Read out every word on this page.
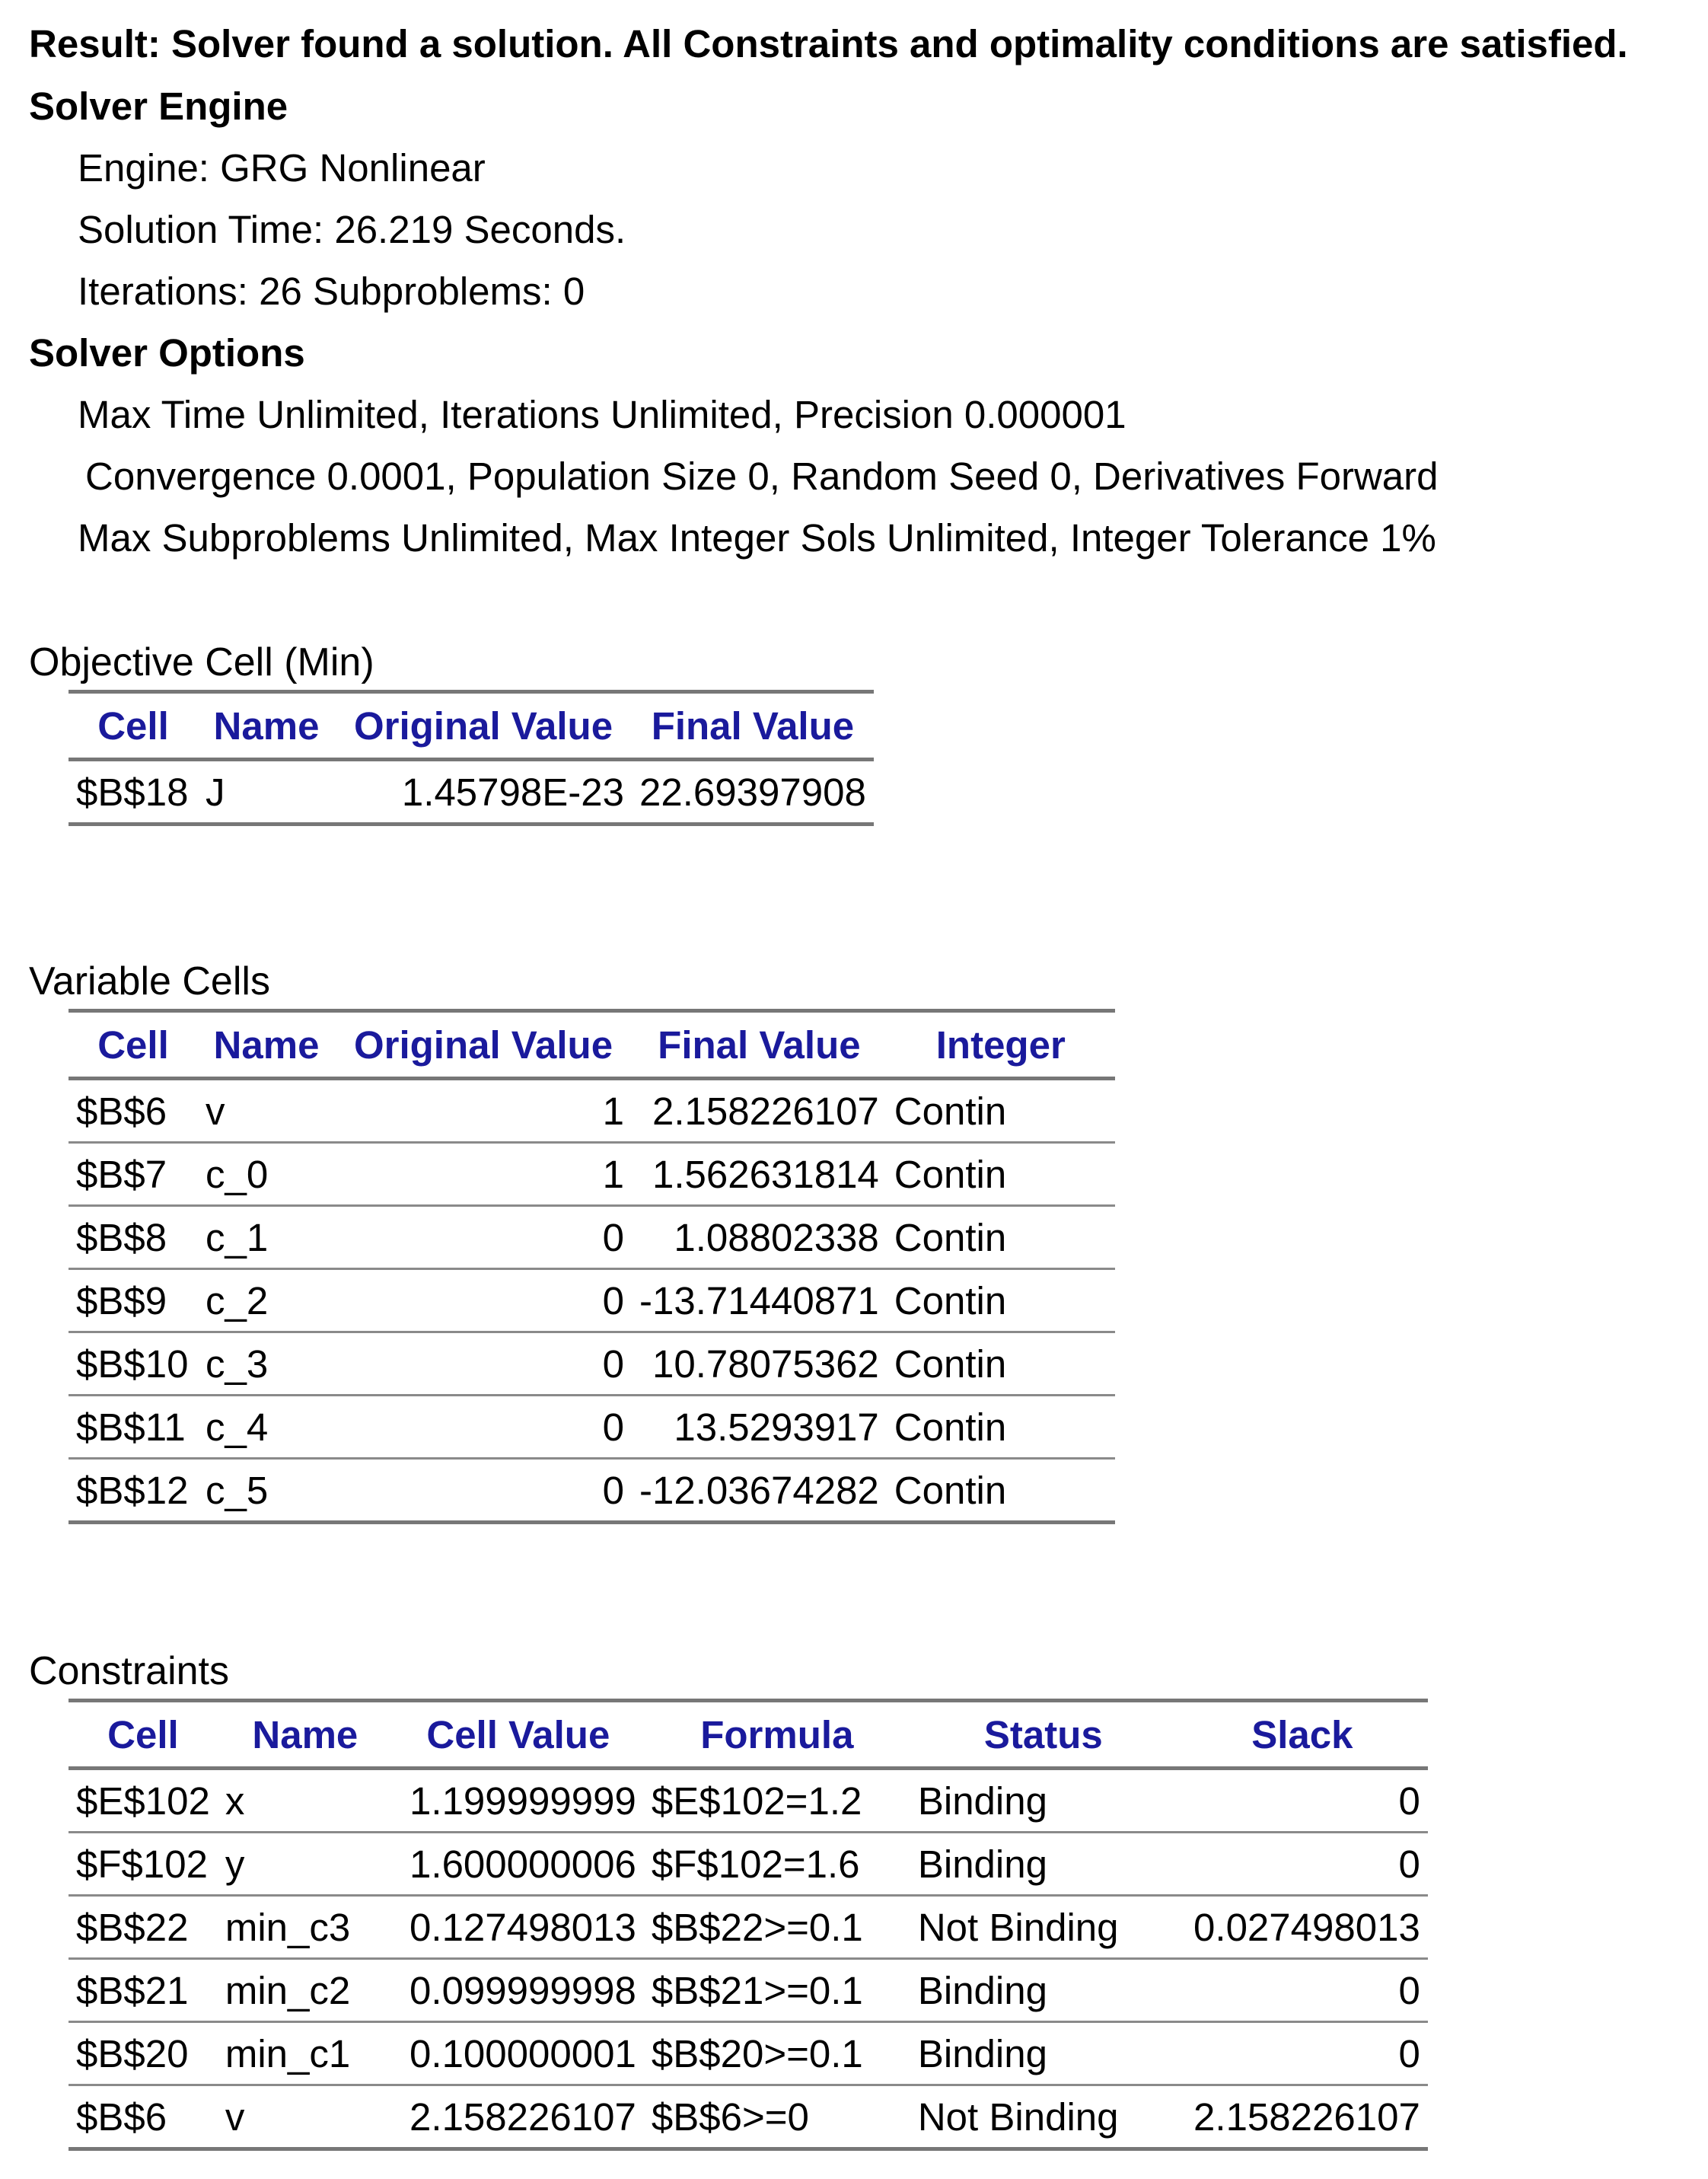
Result: Solver found a solution. All Constraints and optimality conditions are satisfied.
Solver Engine
Engine: GRG Nonlinear
Solution Time: 26.219 Seconds.
Iterations: 26 Subproblems: 0
Solver Options
Max Time Unlimited, Iterations Unlimited, Precision 0.000001
Convergence 0.0001, Population Size 0, Random Seed 0, Derivatives Forward
Max Subproblems Unlimited, Max Integer Sols Unlimited, Integer Tolerance 1%
Objective Cell (Min)
Cell	Name	Original Value	Final Value
$B$18	J	1.45798E-23	22.69397908
Variable Cells
Cell	Name	Original Value	Final Value	Integer
$B$6	v	1	2.158226107	Contin
$B$7	c_0	1	1.562631814	Contin
$B$8	c_1	0	1.08802338	Contin
$B$9	c_2	0	-13.71440871	Contin
$B$10	c_3	0	10.78075362	Contin
$B$11	c_4	0	13.5293917	Contin
$B$12	c_5	0	-12.03674282	Contin
Constraints
Cell	Name	Cell Value	Formula	Status	Slack
$E$102	x	1.199999999	$E$102=1.2	Binding	0
$F$102	y	1.600000006	$F$102=1.6	Binding	0
$B$22	min_c3	0.127498013	$B$22>=0.1	Not Binding	0.027498013
$B$21	min_c2	0.099999998	$B$21>=0.1	Binding	0
$B$20	min_c1	0.100000001	$B$20>=0.1	Binding	0
$B$6	v	2.158226107	$B$6>=0	Not Binding	2.158226107
